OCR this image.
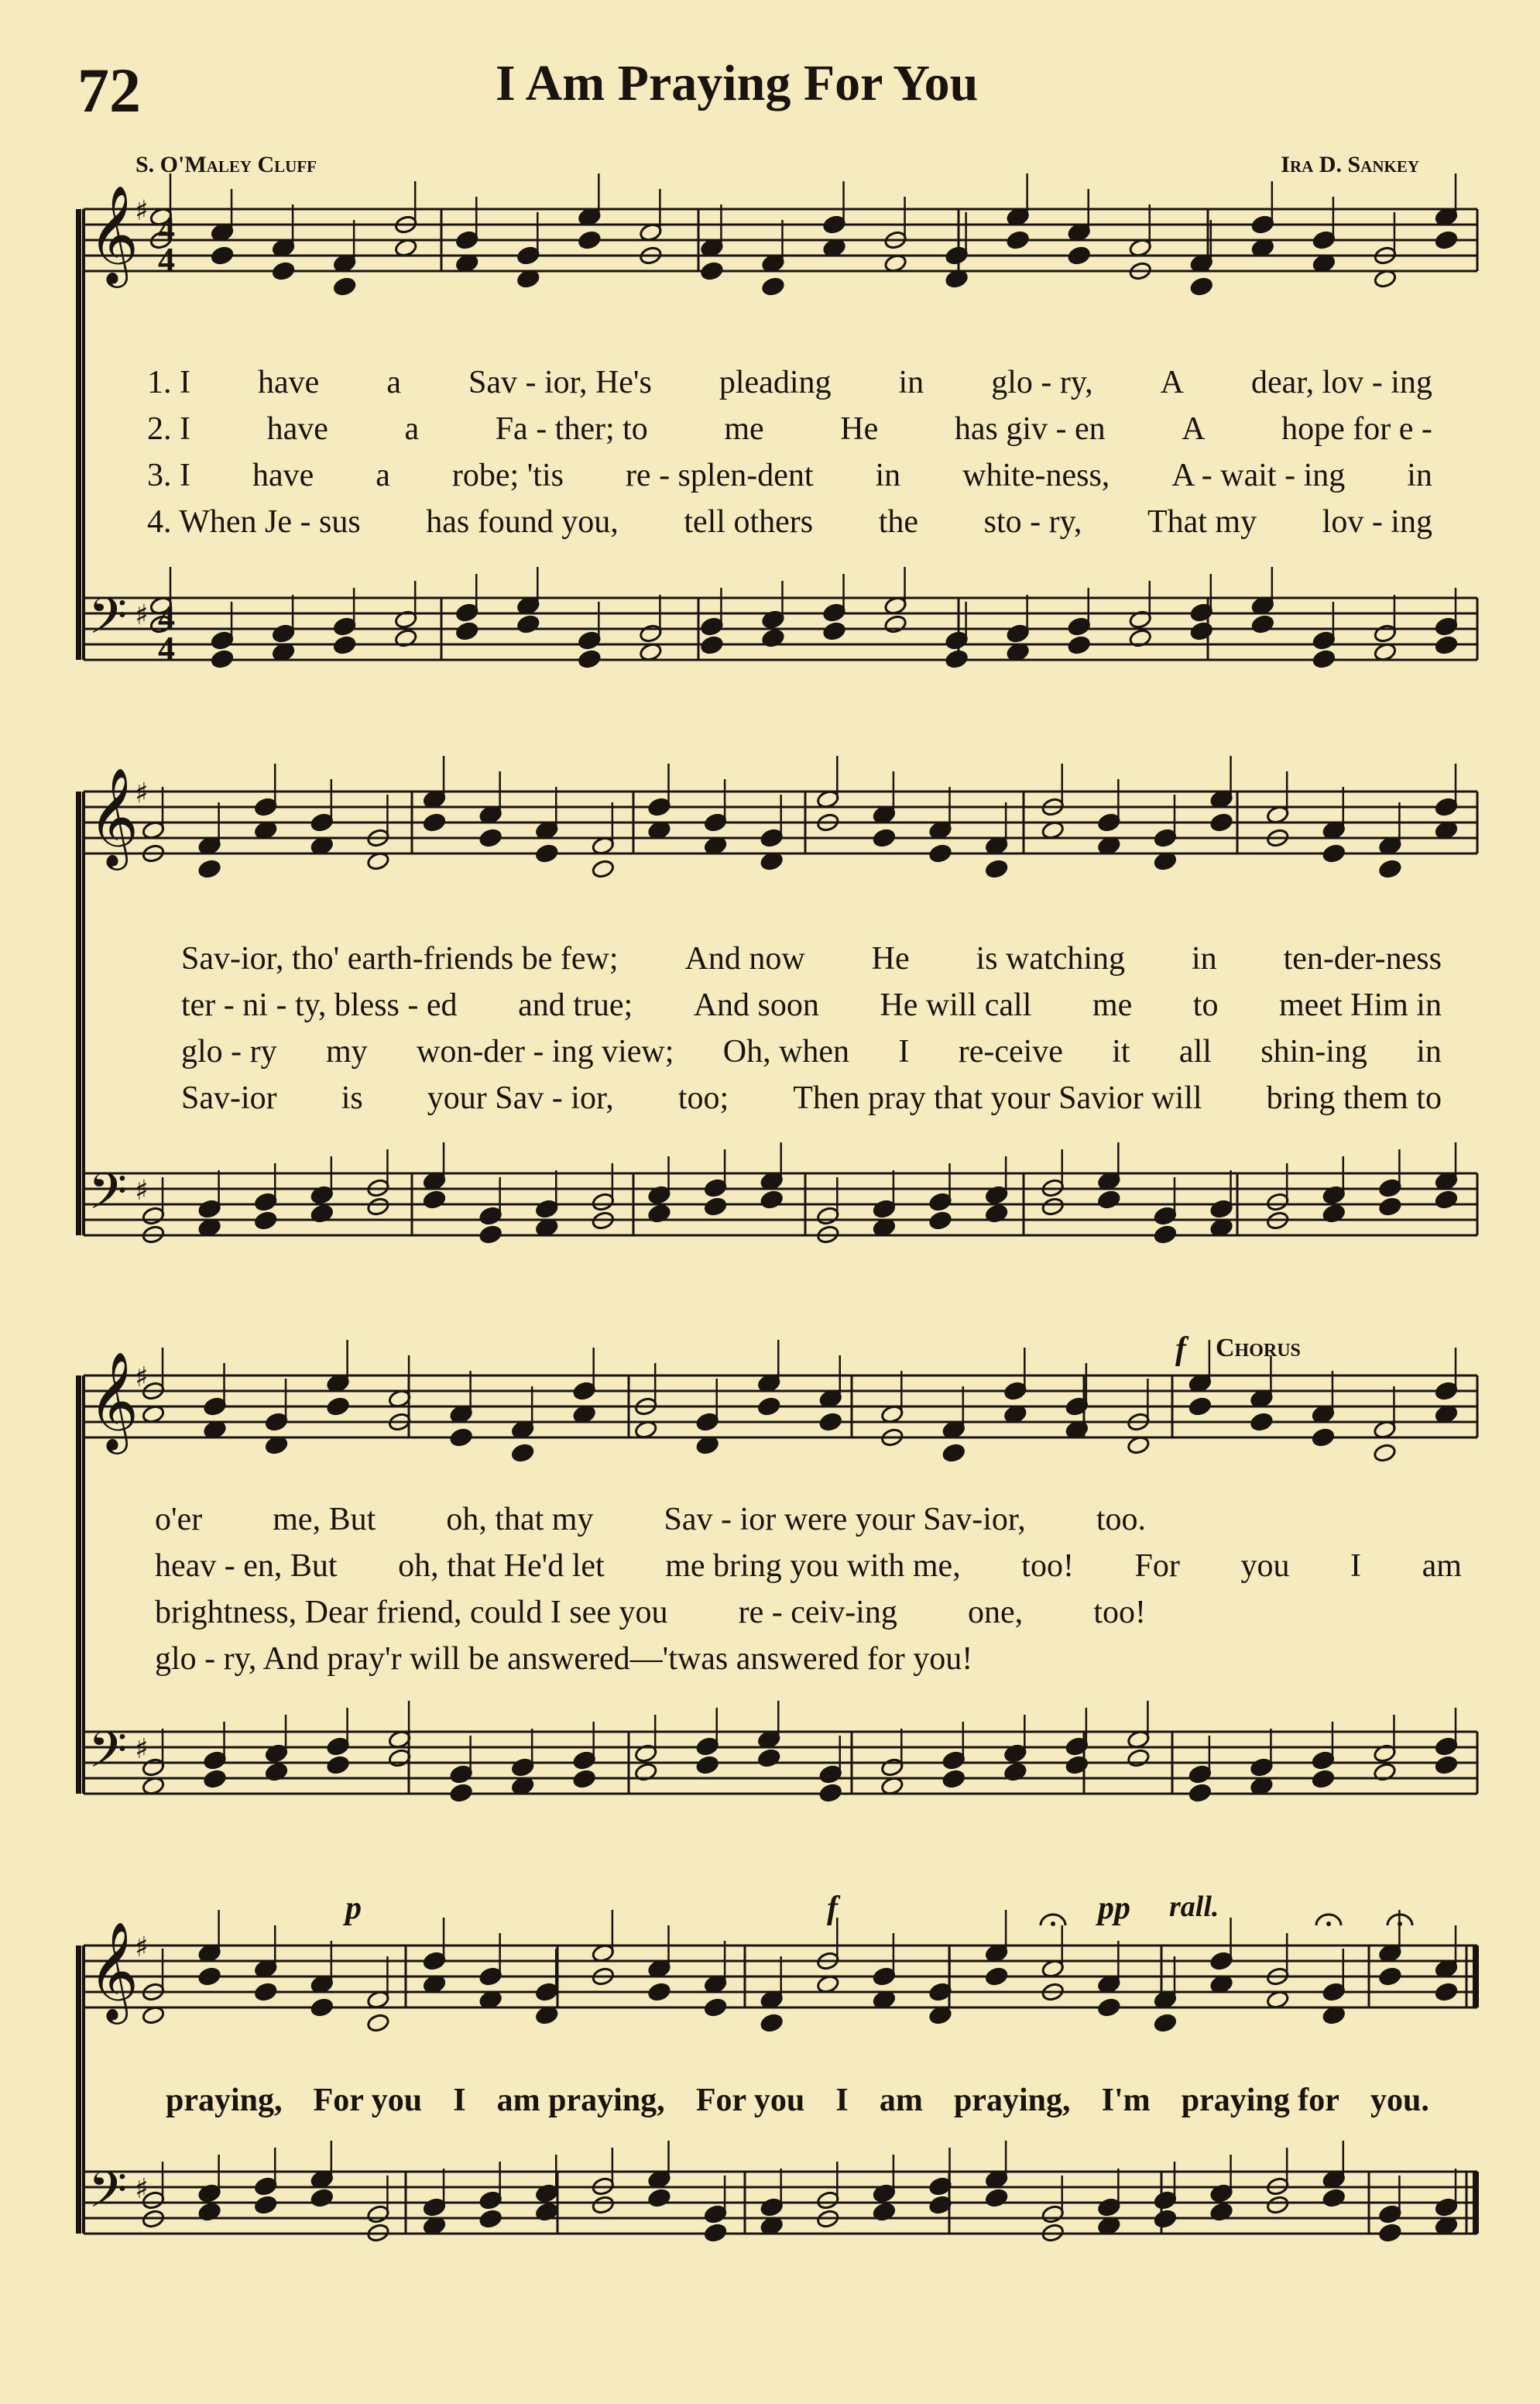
72	I Am Praying For You
S. O'Maley Cluff	Ira D. Sankey
𝄞
♯ 4
4
𝄢 ♯ 4
4
𝄞
♯
𝄢 ♯
𝄞
♯
𝄢 ♯
𝄞
♯
𝄢 ♯
1. I have a Sav - ior, He's pleading in glo - ry, A dear, lov - ing
2. I have a Fa - ther; to me He has giv - en A hope for e -
3. I have a robe; 'tis re - splen-dent in white-ness, A - wait - ing in
4. When Je - sus has found you, tell others the sto - ry, That my lov - ing
Sav-ior, tho' earth-friends be few; And now He is watching in ten-der-ness
ter - ni - ty, bless - ed and true; And soon He will call me to meet Him in
glo - ry my won-der - ing view; Oh, when I re-ceive it all shin-ing in
Sav-ior is your Sav - ior, too; Then pray that your Savior will bring them to
o'er me, But oh, that my Sav - ior were your Sav-ior, too.
heav - en, But oh, that He'd let me bring you with me, too! For you I am
brightness, Dear friend, could I see you re - ceiv-ing one, too!
glo - ry, And pray'r will be answered—'twas answered for you!
praying, For you I am praying, For you I am praying, I'm praying for you.
f Chorus
p	f	pp rall.
